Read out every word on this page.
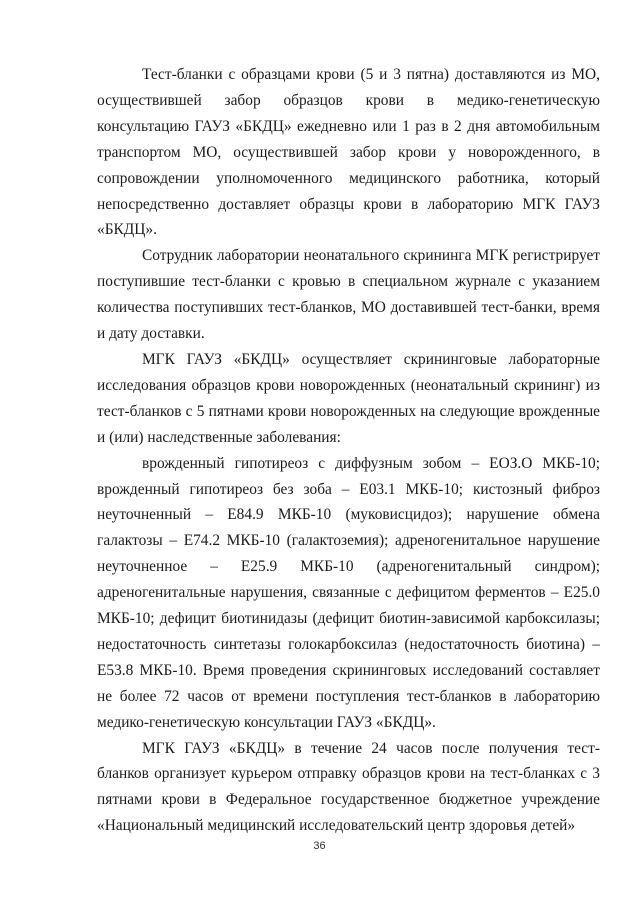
Тест-бланки с образцами крови (5 и 3 пятна) доставляются из МО, осуществившей забор образцов крови в медико-генетическую консультацию ГАУЗ «БКДЦ» ежедневно или 1 раз в 2 дня автомобильным транспортом МО, осуществившей забор крови у новорожденного, в сопровождении уполномоченного медицинского работника, который непосредственно доставляет образцы крови в лабораторию МГК ГАУЗ «БКДЦ».

Сотрудник лаборатории неонатального скрининга МГК регистрирует поступившие тест-бланки с кровью в специальном журнале с указанием количества поступивших тест-бланков, МО доставившей тест-банки, время и дату доставки.

МГК ГАУЗ «БКДЦ» осуществляет скрининговые лабораторные исследования образцов крови новорожденных (неонатальный скрининг) из тест-бланков с 5 пятнами крови новорожденных на следующие врожденные и (или) наследственные заболевания:

врожденный гипотиреоз с диффузным зобом – ЕОЗ.О МКБ-10; врожденный гипотиреоз без зоба – Е03.1 МКБ-10; кистозный фиброз неуточненный – Е84.9 МКБ-10 (муковисцидоз); нарушение обмена галактозы – Е74.2 МКБ-10 (галактоземия); адреногенитальное нарушение неуточненное – Е25.9 МКБ-10 (адреногенитальный синдром); адреногенитальные нарушения, связанные с дефицитом ферментов – Е25.0 МКБ-10; дефицит биотинидазы (дефицит биотин-зависимой карбоксилазы; недостаточность синтетазы голокарбоксилаз (недостаточность биотина) – Е53.8 МКБ-10. Время проведения скрининговых исследований составляет не более 72 часов от времени поступления тест-бланков в лабораторию медико-генетическую консультации ГАУЗ «БКДЦ».

МГК ГАУЗ «БКДЦ» в течение 24 часов после получения тест-бланков организует курьером отправку образцов крови на тест-бланках с 3 пятнами крови в Федеральное государственное бюджетное учреждение «Национальный медицинский исследовательский центр здоровья детей»

36
